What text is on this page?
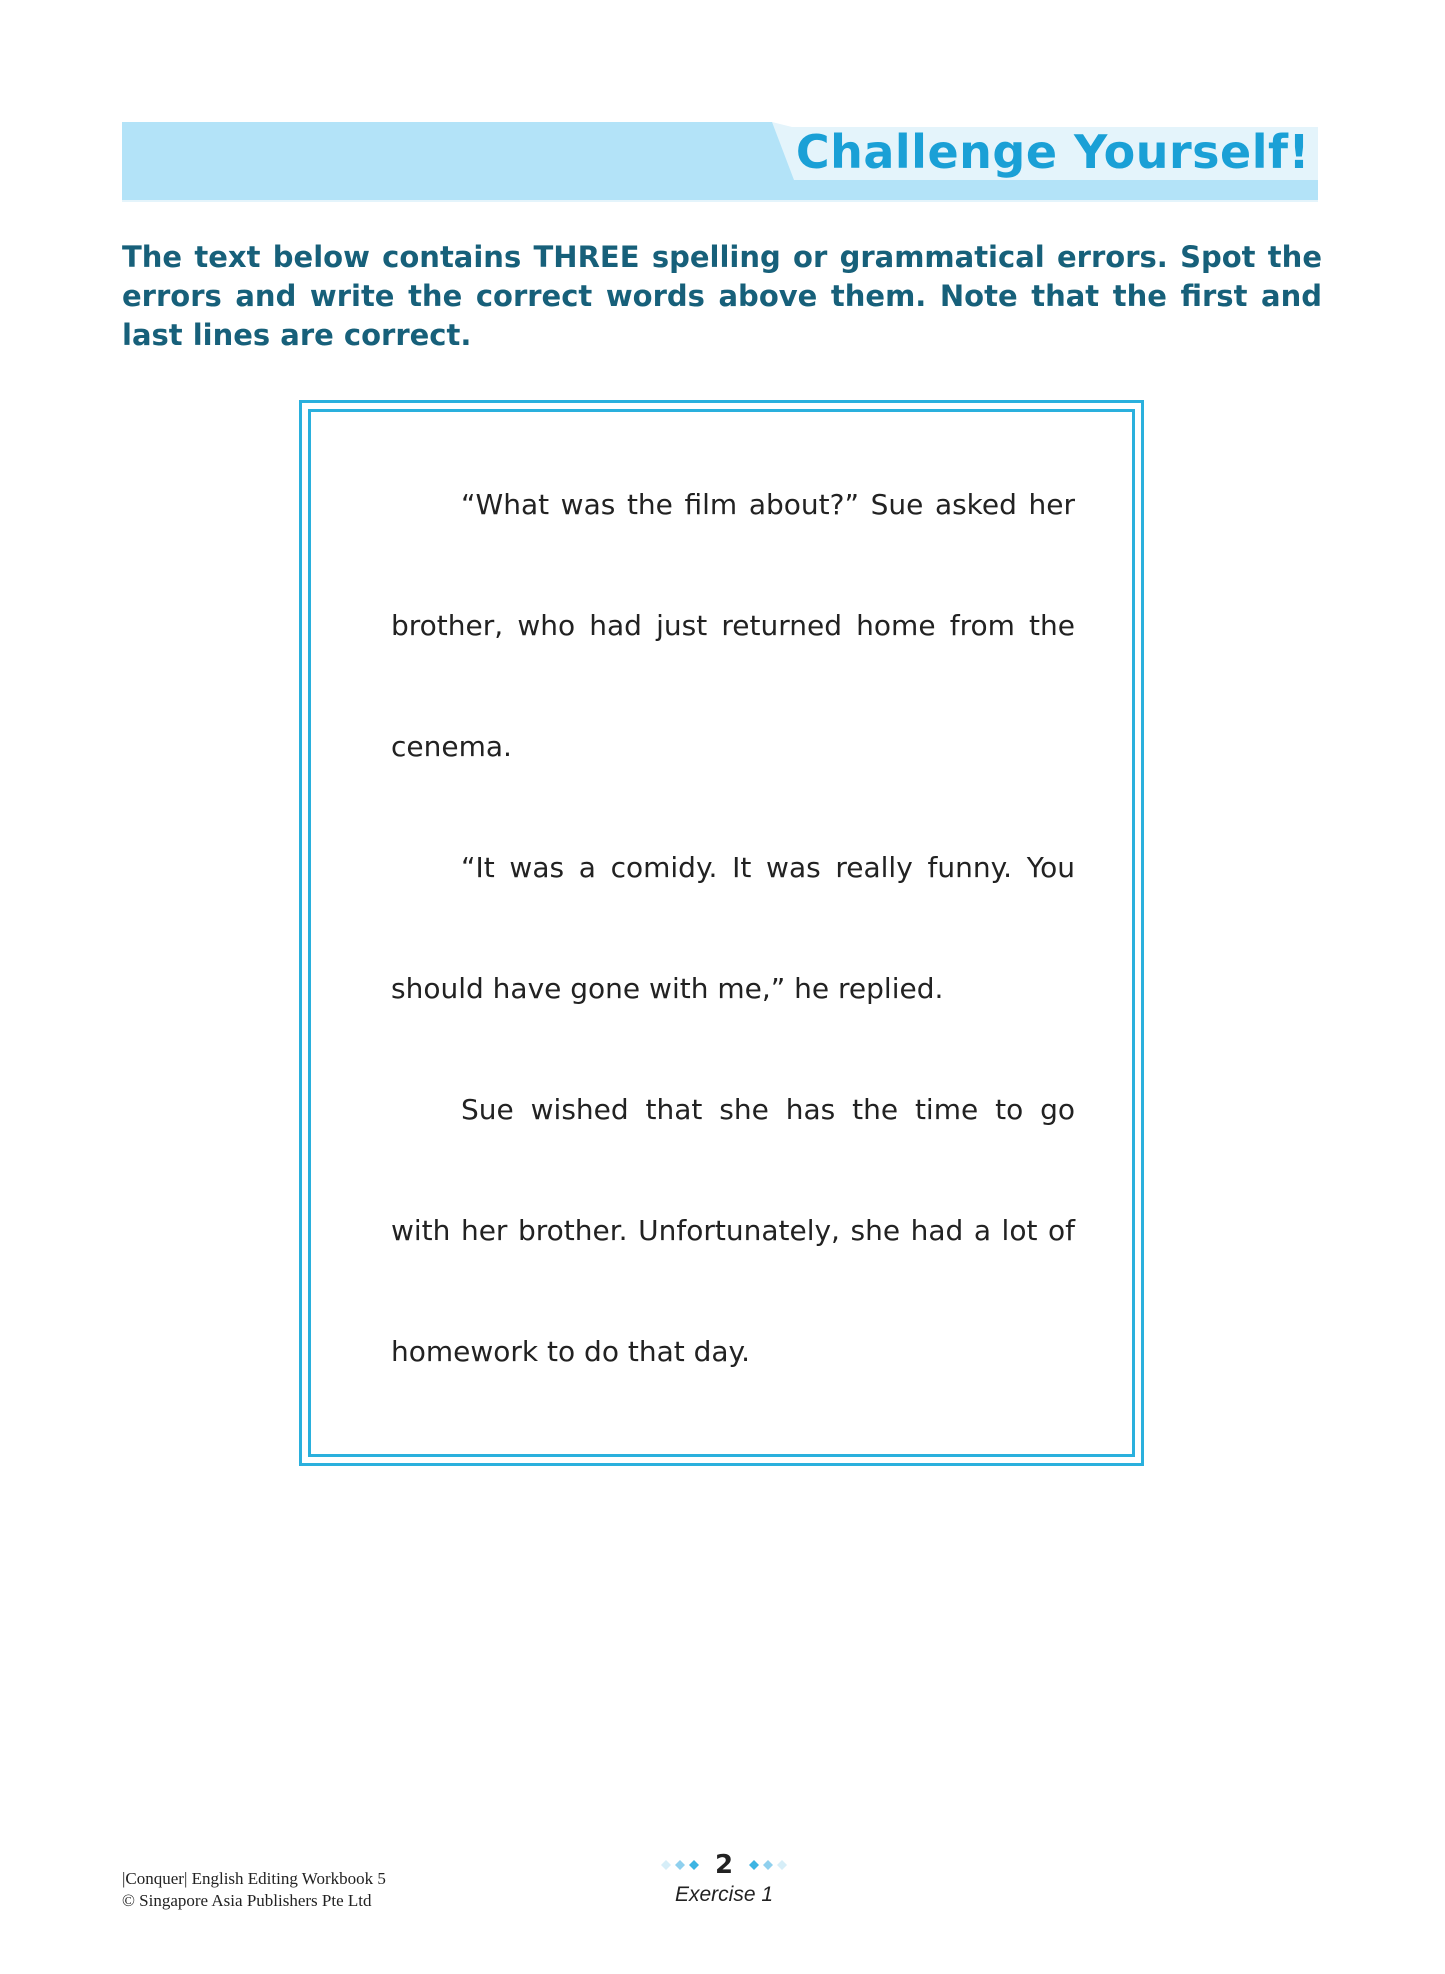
Challenge Yourself!

The text below contains THREE spelling or grammatical errors. Spot the errors and write the correct words above them. Note that the first and last lines are correct.

“What was the film about?” Sue asked her
brother, who had just returned home from the
cenema.
“It was a comidy. It was really funny. You
should have gone with me,” he replied.
Sue wished that she has the time to go
with her brother. Unfortunately, she had a lot of
homework to do that day.
|Conquer| English Editing Workbook 5
© Singapore Asia Publishers Pte Ltd
2
Exercise 1
